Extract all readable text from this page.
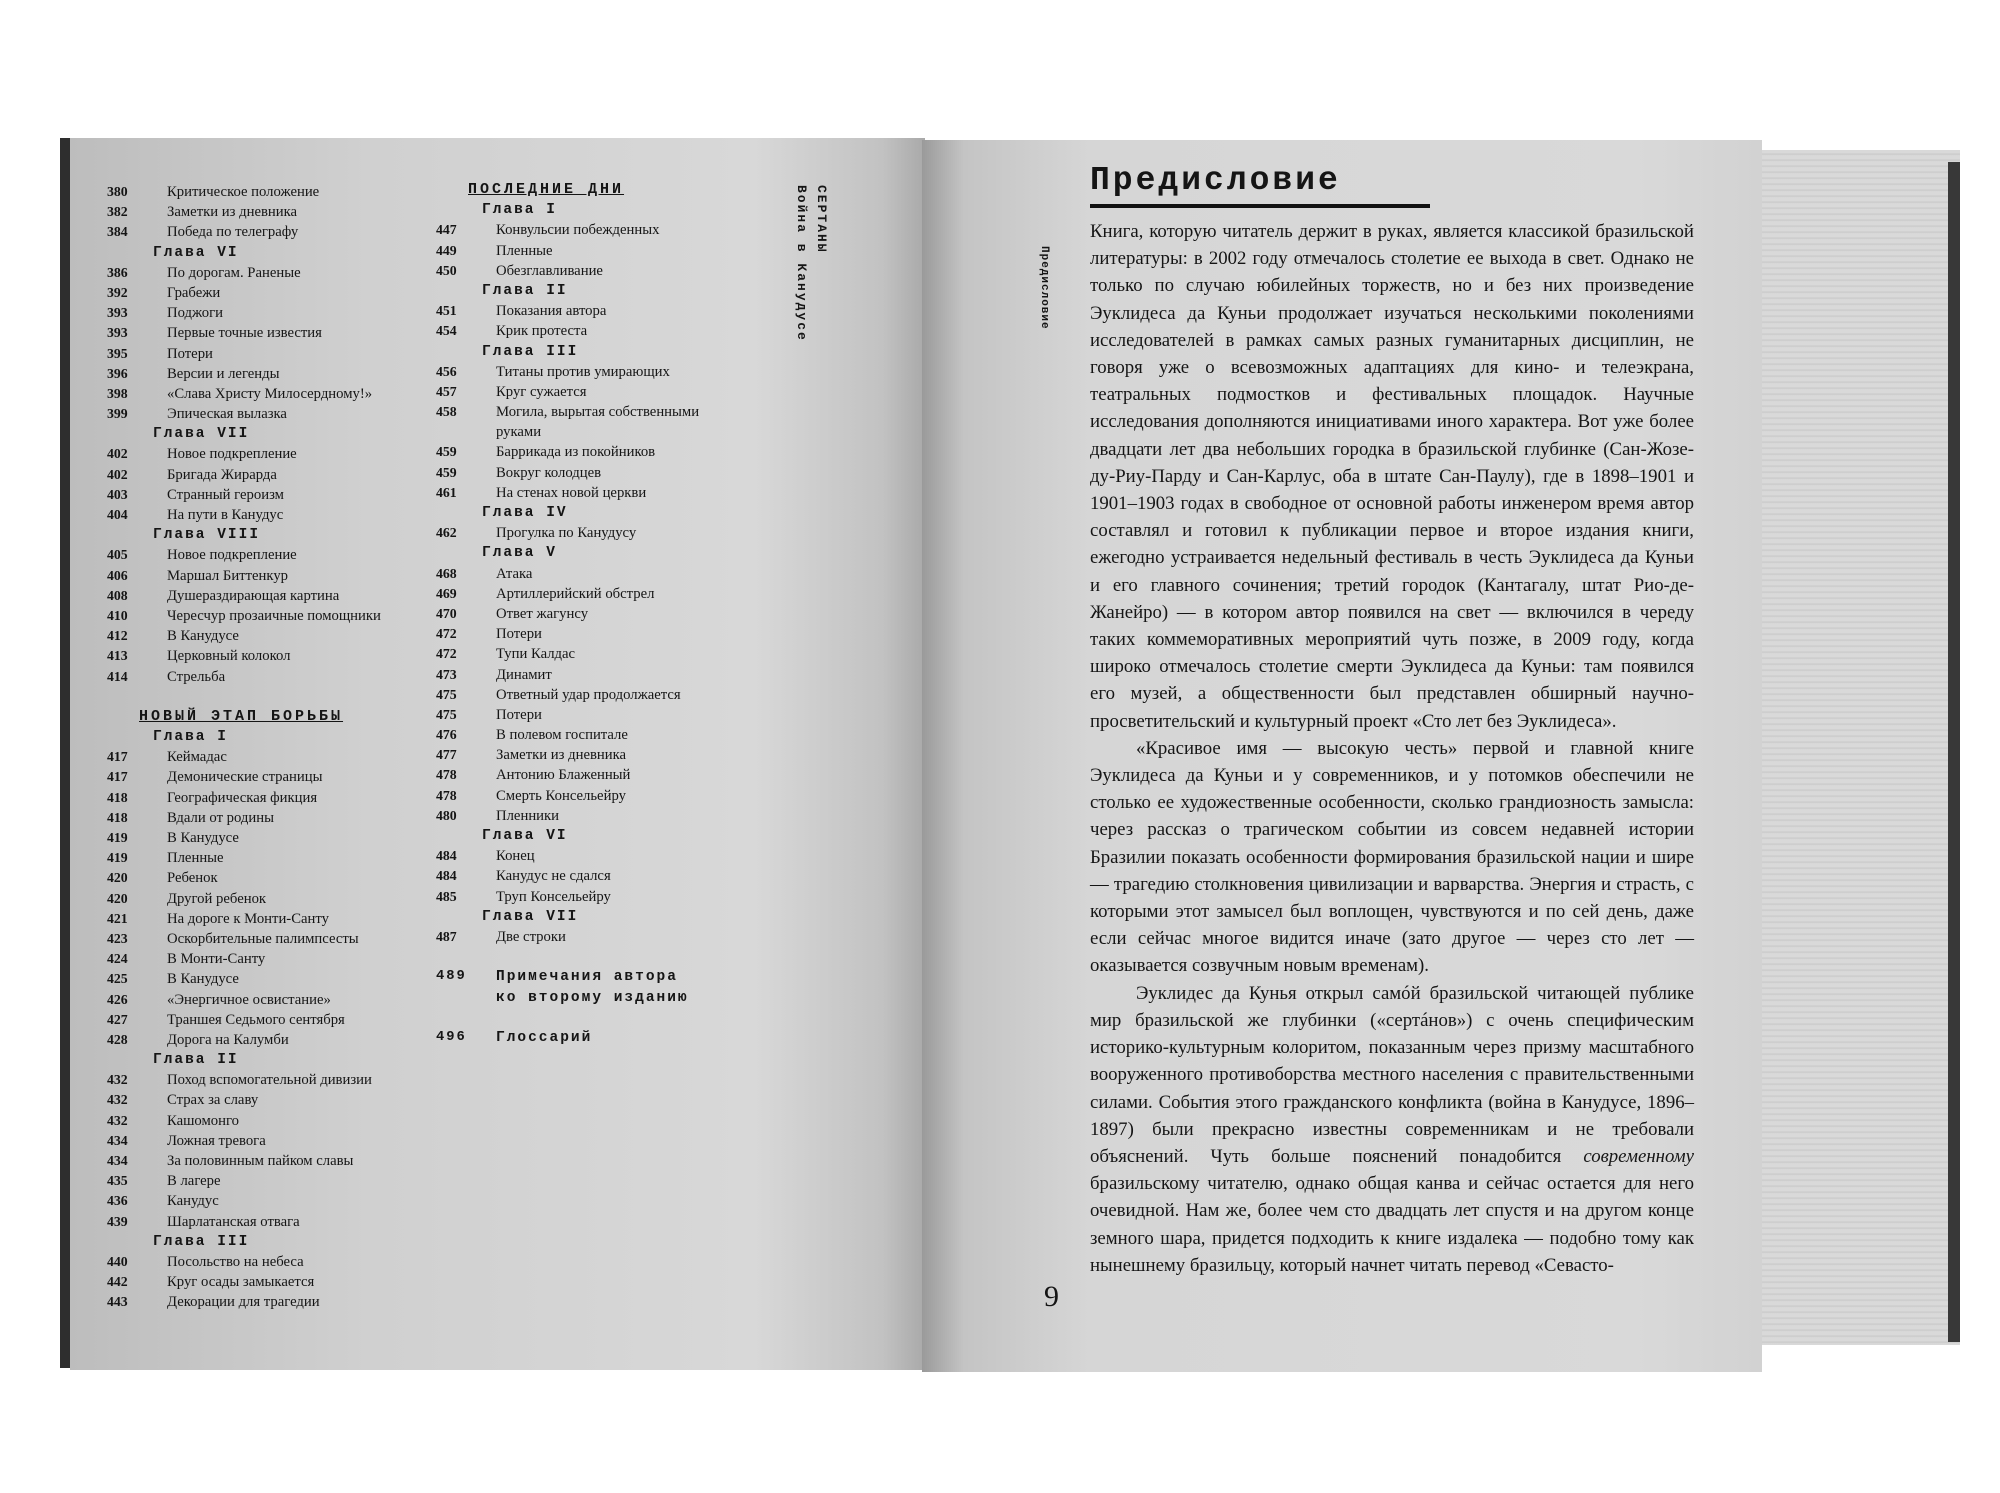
380	Критическое положение
382	Заметки из дневника
384	Победа по телеграфу
Глава VI
386	По дорогам. Раненые
392	Грабежи
393	Поджоги
393	Первые точные известия
395	Потери
396	Версии и легенды
398	«Слава Христу Милосердному!»
399	Эпическая вылазка
Глава VII
402	Новое подкрепление
402	Бригада Жирарда
403	Странный героизм
404	На пути в Канудус
Глава VIII
405	Новое подкрепление
406	Маршал Биттенкур
408	Душераздирающая картина
410	Чересчур прозаичные помощники
412	В Канудусе
413	Церковный колокол
414	Стрельба
НОВЫЙ ЭТАП БОРЬБЫ
Глава I
417	Кеймадас
417	Демонические страницы
418	Географическая фикция
418	Вдали от родины
419	В Канудусе
419	Пленные
420	Ребенок
420	Другой ребенок
421	На дороге к Монти-Санту
423	Оскорбительные палимпсесты
424	В Монти-Санту
425	В Канудусе
426	«Энергичное освистание»
427	Траншея Седьмого сентября
428	Дорога на Калумби
Глава II
432	Поход вспомогательной дивизии
432	Страх за славу
432	Кашомонго
434	Ложная тревога
434	За половинным пайком славы
435	В лагере
436	Канудус
439	Шарлатанская отвага
Глава III
440	Посольство на небеса
442	Круг осады замыкается
443	Декорации для трагедии
ПОСЛЕДНИЕ ДНИ
Глава I
447	Конвульсии побежденных
449	Пленные
450	Обезглавливание
Глава II
451	Показания автора
454	Крик протеста
Глава III
456	Титаны против умирающих
457	Круг сужается
458	Могила, вырытая собственными
руками
459	Баррикада из покойников
459	Вокруг колодцев
461	На стенах новой церкви
Глава IV
462	Прогулка по Канудусу
Глава V
468	Атака
469	Артиллерийский обстрел
470	Ответ жагунсу
472	Потери
472	Тупи Калдас
473	Динамит
475	Ответный удар продолжается
475	Потери
476	В полевом госпитале
477	Заметки из дневника
478	Антонию Блаженный
478	Смерть Консельейру
480	Пленники
Глава VI
484	Конец
484	Канудус не сдался
485	Труп Консельейру
Глава VII
487	Две строки
489	Примечания автора
ко второму изданию
496	Глоссарий
СЕРТАНЫ
Война в Канудусе	Предисловие
Предисловие

Книга, которую читатель держит в руках, является классикой бразильской литературы: в 2002 году отмечалось столетие ее выхода в свет. Однако не только по случаю юбилейных торжеств, но и без них произведение Эуклидеса да Куньи продолжает изучаться несколькими поколениями исследователей в рамках самых разных гуманитарных дисциплин, не говоря уже о всевозможных адаптациях для кино- и телеэкрана, театральных подмостков и фестивальных площадок. Научные исследования дополняются инициативами иного характера. Вот уже более двадцати лет два небольших городка в бразильской глубинке (Сан-Жозе-ду-Риу-Парду и Сан-Карлус, оба в штате Сан-Паулу), где в 1898–1901 и 1901–1903 годах в свободное от основной работы инженером время автор составлял и готовил к публикации первое и второе издания книги, ежегодно устраивается недельный фестиваль в честь Эуклидеса да Куньи и его главного сочинения; третий городок (Кантагалу, штат Рио-де-Жанейро) — в котором автор появился на свет — включился в череду таких коммеморативных мероприятий чуть позже, в 2009 году, когда широко отмечалось столетие смерти Эуклидеса да Куньи: там появился его музей, а общественности был представлен обширный научно-просветительский и культурный проект «Сто лет без Эуклидеса».

«Красивое имя — высокую честь» первой и главной книге Эуклидеса да Куньи и у современников, и у потомков обеспечили не столько ее художественные особенности, сколько грандиозность замысла: через рассказ о трагическом событии из совсем недавней истории Бразилии показать особенности формирования бразильской нации и шире — трагедию столкновения цивилизации и варварства. Энергия и страсть, с которыми этот замысел был воплощен, чувствуются и по сей день, даже если сейчас многое видится иначе (зато другое — через сто лет — оказывается созвучным новым временам).

Эуклидес да Кунья открыл самóй бразильской читающей публике мир бразильской же глубинки («сертáнов») с очень специфическим историко-культурным колоритом, показанным через призму масштабного вооруженного противоборства местного населения с правительственными силами. События этого гражданского конфликта (война в Канудусе, 1896–1897) были прекрасно известны современникам и не требовали объяснений. Чуть больше пояснений понадобится современному бразильскому читателю, однако общая канва и сейчас остается для него очевидной. Нам же, более чем сто двадцать лет спустя и на другом конце земного шара, придется подходить к книге издалека — подобно тому как нынешнему бразильцу, который начнет читать перевод «Севасто-

9
